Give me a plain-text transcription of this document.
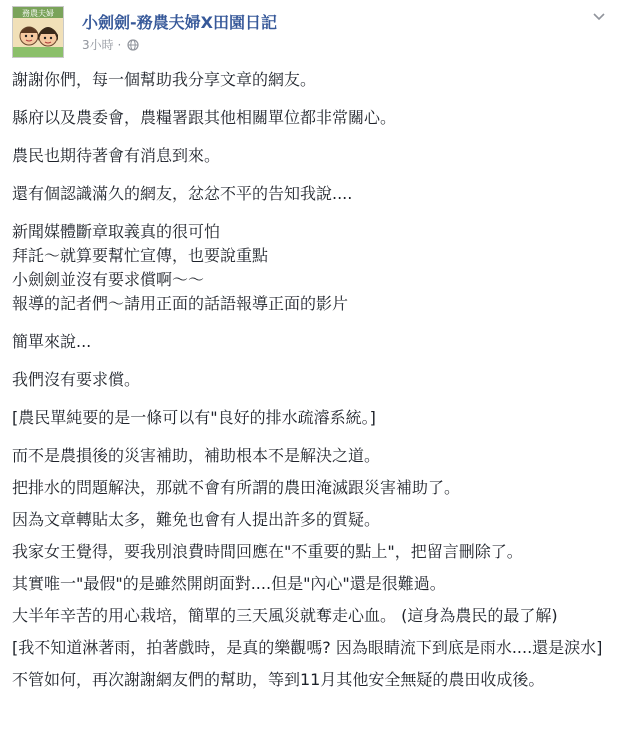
務農夫婦 小劍劍-務農夫婦X田園日記
3小時 ·

謝謝你們，每一個幫助我分享文章的網友。

縣府以及農委會，農糧署跟其他相關單位都非常關心。

農民也期待著會有消息到來。

還有個認識滿久的網友，忿忿不平的告知我說....

新聞媒體斷章取義真的很可怕
拜託～就算要幫忙宣傳，也要說重點
小劍劍並沒有要求償啊～～
報導的記者們～請用正面的話語報導正面的影片

簡單來說...

我們沒有要求償。

[農民單純要的是一條可以有"良好的排水疏濬系統。]

而不是農損後的災害補助，補助根本不是解決之道。

把排水的問題解決，那就不會有所謂的農田淹滅跟災害補助了。

因為文章轉貼太多，難免也會有人提出許多的質疑。

我家女王覺得，要我別浪費時間回應在"不重要的點上"，把留言刪除了。

其實唯一"最假"的是雖然開朗面對....但是"內心"還是很難過。

大半年辛苦的用心栽培，簡單的三天風災就奪走心血。 (這身為農民的最了解)

[我不知道淋著雨，拍著戲時，是真的樂觀嗎? 因為眼睛流下到底是雨水....還是淚水]

不管如何，再次謝謝網友們的幫助，等到11月其他安全無疑的農田收成後。
